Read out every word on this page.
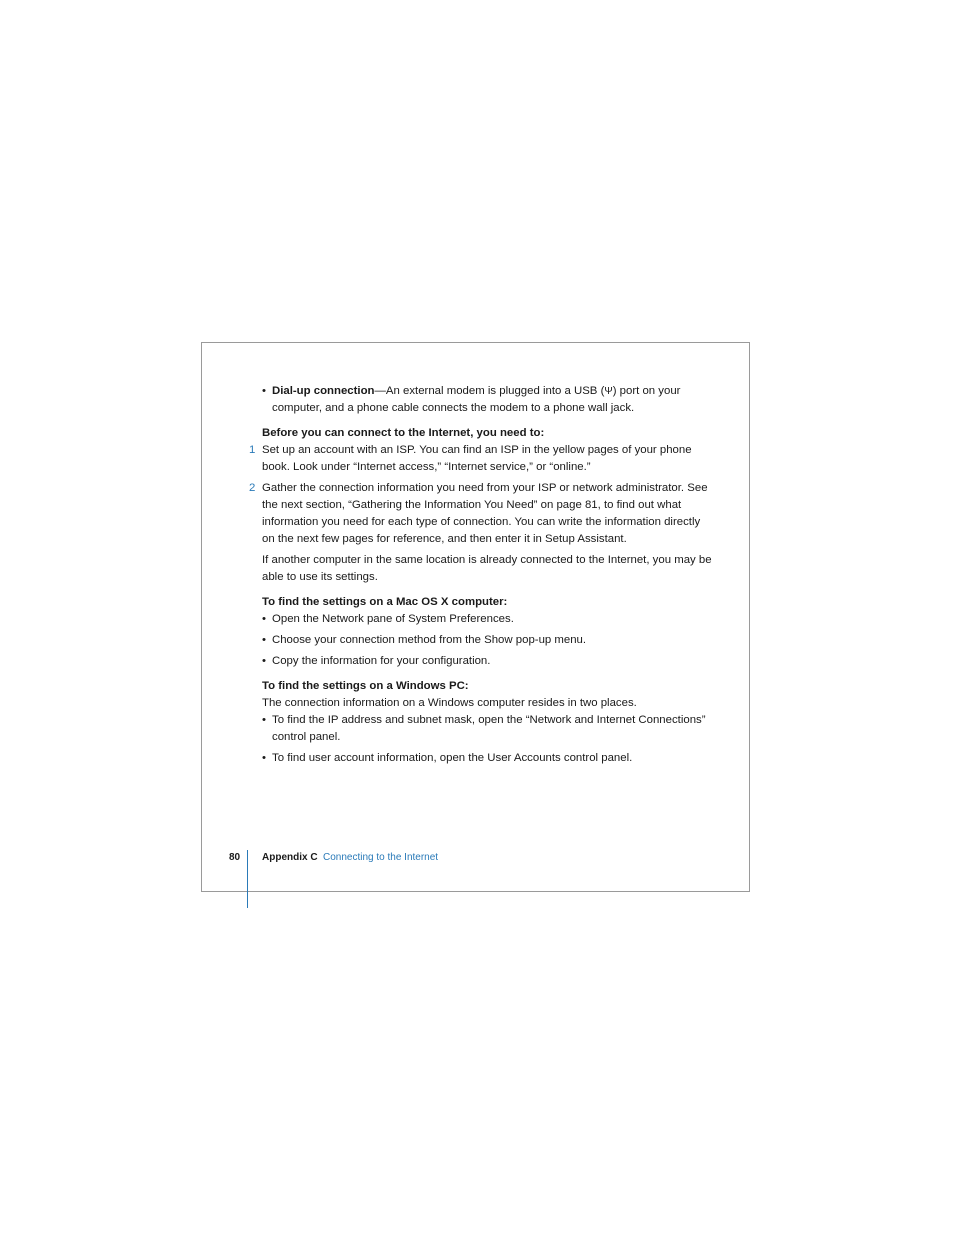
• Dial-up connection—An external modem is plugged into a USB (Ψ) port on your computer, and a phone cable connects the modem to a phone wall jack.
Before you can connect to the Internet, you need to:
1 Set up an account with an ISP. You can find an ISP in the yellow pages of your phone book. Look under “Internet access,” “Internet service,” or “online.”
2 Gather the connection information you need from your ISP or network administrator. See the next section, “Gathering the Information You Need” on page 81, to find out what information you need for each type of connection. You can write the information directly on the next few pages for reference, and then enter it in Setup Assistant.
If another computer in the same location is already connected to the Internet, you may be able to use its settings.
To find the settings on a Mac OS X computer:
• Open the Network pane of System Preferences.
• Choose your connection method from the Show pop-up menu.
• Copy the information for your configuration.
To find the settings on a Windows PC:
The connection information on a Windows computer resides in two places.
• To find the IP address and subnet mask, open the “Network and Internet Connections” control panel.
• To find user account information, open the User Accounts control panel.
80 Appendix C Connecting to the Internet
